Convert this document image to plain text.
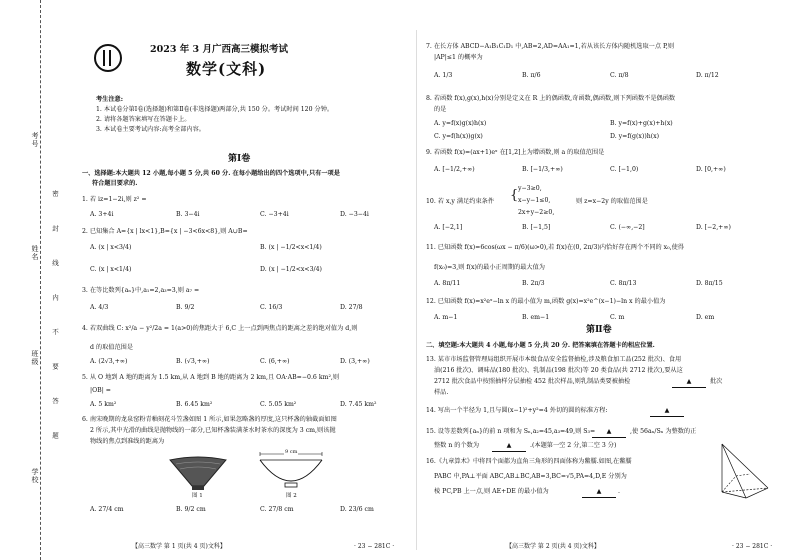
考号
姓名
班级
学校
密 封 线 内 不 要 答 题
2023 年 3 月广西高三模拟考试
数学(文科)
考生注意:
1. 本试卷分第Ⅰ卷(选择题)和第Ⅱ卷(非选择题)两部分,共 150 分。考试时间 120 分钟。
2. 请将各题答案填写在答题卡上。
3. 本试卷主要考试内容:高考全部内容。
第Ⅰ卷
一、选择题:本大题共 12 小题,每小题 5 分,共 60 分. 在每小题给出的四个选项中,只有一项是
符合题目要求的.
1. 若 iz=1−2i,则 z² =
A. 3+4i	B. 3−4i	C. −3+4i	D. −3−4i
2. 已知集合 A={x | lx<1},B={x | −3<6x<8},则 A∪B=
A. (x | x<3/4)	B. (x | −1/2<x<1/4)
C. (x | x<1/4)	D. (x | −1/2<x<3/4)
3. 在等比数列{aₙ}中,a₁=2,a₃=3,则 a₇ =
A. 4/3	B. 9/2	C. 16/3	D. 27/8
4. 若双曲线 C: x²/a − y²/2a = 1(a>0)的焦距大于 6,C 上一点到两焦点的距离之差的绝对值为 d,则
d 的取值范围是
A. (2√3,+∞)	B. (√3,+∞)	C. (6,+∞)	D. (3,+∞)
5. 从 O 地到 A 地的距离为 1.5 km,从 A 地到 B 地的距离为 2 km,且 OA·AB=−0.6 km²,则
|OB| =
A. 5 km²	B. 6.45 km²	C. 5.05 km²	D. 7.45 km²
6. 南宋晚期的龙泉窑粉青釉刻花斗笠盏如图 1 所示,如果忽略盏的厚度,这只杯盏的轴截面如图
2 所示,其中光滑的曲线是抛物线的一部分,已知杯盏装满茶水时茶水的深度为 3 cm,则该抛
物线的焦点到准线的距离为
图 1
9 cm
图 2
A. 27/4 cm	B. 9/2 cm	C. 27/8 cm	D. 23/6 cm
【高三数学 第 1 页(共 4 页)文科】	· 23 − 281C ·
7. 在长方体 ABCD−A₁B₁C₁D₁ 中,AB=2,AD=AA₁=1,若从该长方体内随机选取一点 P,则
|AP|≤1 的概率为
A. 1/3	B. π/6	C. π/8	D. π/12
8. 若函数 f(x),g(x),h(x)分别是定义在 R 上的偶函数,奇函数,偶函数,则下列函数不是偶函数
的是
A. y=f(x)g(x)h(x)	B. y=f(x)+g(x)+h(x)
C. y=f(h(x))g(x)	D. y=f(g(x))h(x)
9. 若函数 f(x)=(ax+1)eˣ 在[1,2]上为增函数,则 a 的取值范围是
A. [−1/2,+∞)	B. [−1/3,+∞)	C. [−1,0)	D. [0,+∞)
10. 若 x,y 满足约束条件 { y−3≥0,
x−y−1≤0,
2x+y−2≥0,
则 z=x−2y 的取值范围是
A. [−2,1]	B. [−1,5]	C. (−∞,−2]	D. [−2,+∞)
11. 已知函数 f(x)=6cos(ωx − π/6)(ω>0),若 f(x)在(0, 2π/3)内恰好存在两个不同的 x₀,使得
f(x₀)=3,则 f(x)的最小正周期的最大值为
A. 8π/11	B. 2π/3	C. 8π/13	D. 8π/15
12. 已知函数 f(x)=x²eˣ−ln x 的最小值为 m,函数 g(x)=x²e^(x−1)−ln x 的最小值为
A. m−1	B. em−1	C. m	D. em
第Ⅱ卷
二、填空题:本大题共 4 小题,每小题 5 分,共 20 分. 把答案填在答题卡的相应位置.
13. 某市市场监督管理局组织开展市本级食品安全监督抽检,涉及粮食加工品(252 批次)、食用
油(216 批次)、调味品(180 批次)、乳制品(198 批次)等 20 类食品(共 2712 批次),要从这
2712 批次食品中按照抽样分层抽检 452 批次样品,则乳制品类要被抽检	▲	批次
样品.
14. 写出一个半径为 1,且与圆(x−1)²+y²=4 外切的圆的标准方程:	▲
15. 设等差数列{aₙ}的前 n 项和为 Sₙ,a₂=45,a₃=49,则 S₃=	▲	,使 56aₙ/Sₙ 为整数的正
整数 n 的个数为	▲	.(本题第一空 2 分,第二空 3 分)
16.《九章算术》中将四个面都为直角三角形的四面体称为鳖臑.如图,在鳖臑
PABC 中,PA⊥平面 ABC,AB⊥BC,AB=3,BC=√5,PA=4,D,E 分别为
棱 PC,PB 上一点,则 AE+DE 的最小值为	▲	.
【高三数学 第 2 页(共 4 页)文科】	· 23 − 281C ·
